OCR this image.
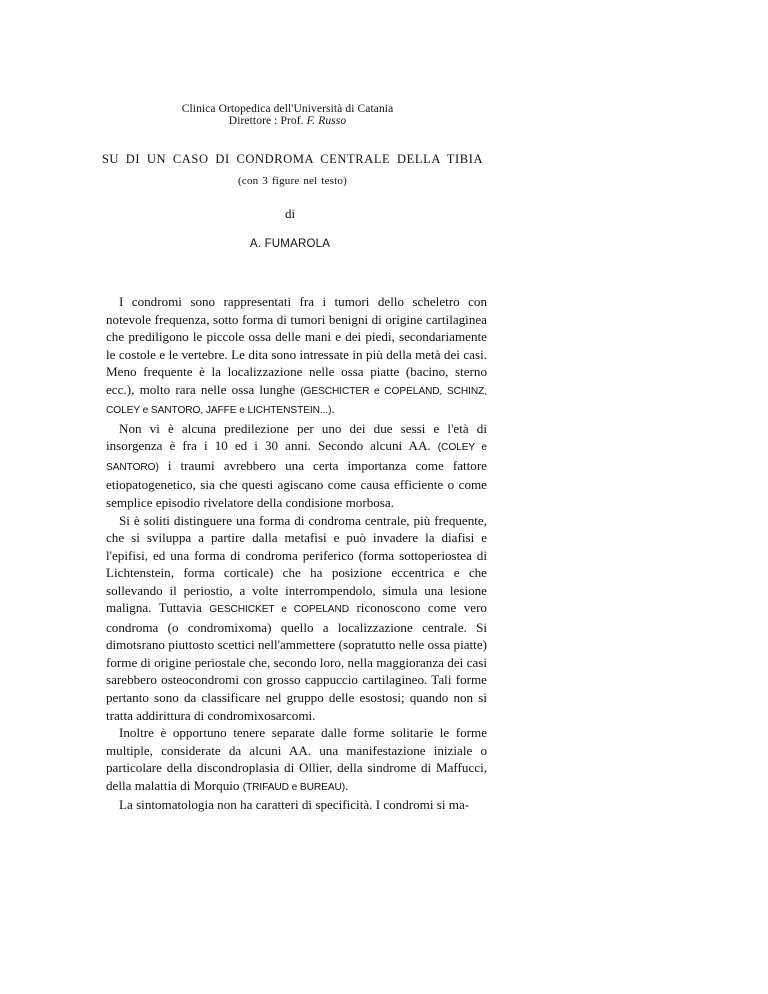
Clinica Ortopedica dell'Università di Catania
Direttore : Prof. F. Russo
SU DI UN CASO DI CONDROMA CENTRALE DELLA TIBIA
(con 3 figure nel testo)
di
A. FUMAROLA

I condromi sono rappresentati fra i tumori dello scheletro con notevole frequenza, sotto forma di tumori benigni di origine cartilaginea che prediligono le piccole ossa delle mani e dei piedi, secondariamente le costole e le vertebre. Le dita sono intressate in più della metà dei casi. Meno frequente è la localizzazione nelle ossa piatte (bacino, sterno ecc.), molto rara nelle ossa lunghe (GESCHICTER e COPELAND, SCHINZ, COLEY e SANTORO, JAFFE e LICHTENSTEIN...).

Non vi è alcuna predilezione per uno dei due sessi e l'età di insorgenza è fra i 10 ed i 30 anni. Secondo alcuni AA. (COLEY e SANTORO) i traumi avrebbero una certa importanza come fattore etiopatogenetico, sia che questi agiscano come causa efficiente o come semplice episodio rivelatore della condisione morbosa.

Si è soliti distinguere una forma di condroma centrale, più frequente, che si sviluppa a partire dalla metafisi e può invadere la diafisi e l'epifisi, ed una forma di condroma periferico (forma sottoperiostea di Lichtenstein, forma corticale) che ha posizione eccentrica e che sollevando il periostio, a volte interrompendolo, simula una lesione maligna. Tuttavia GESCHICKET e COPELAND riconoscono come vero condroma (o condromixoma) quello a localizzazione centrale. Si dimotsrano piuttosto scettici nell'ammettere (sopratutto nelle ossa piatte) forme di origine periostale che, secondo loro, nella maggioranza dei casi sarebbero osteocondromi con grosso cappuccio cartilagineo. Tali forme pertanto sono da classificare nel gruppo delle esostosi; quando non si tratta addirittura di condromixosarcomi.

Inoltre è opportuno tenere separate dalle forme solitarie le forme multiple, considerate da alcuni AA. una manifestazione iniziale o particolare della discondroplasia di Ollier, della sindrome di Maffucci, della malattia di Morquio (TRIFAUD e BUREAU).

La sintomatologia non ha caratteri di specificità. I condromi si ma-
